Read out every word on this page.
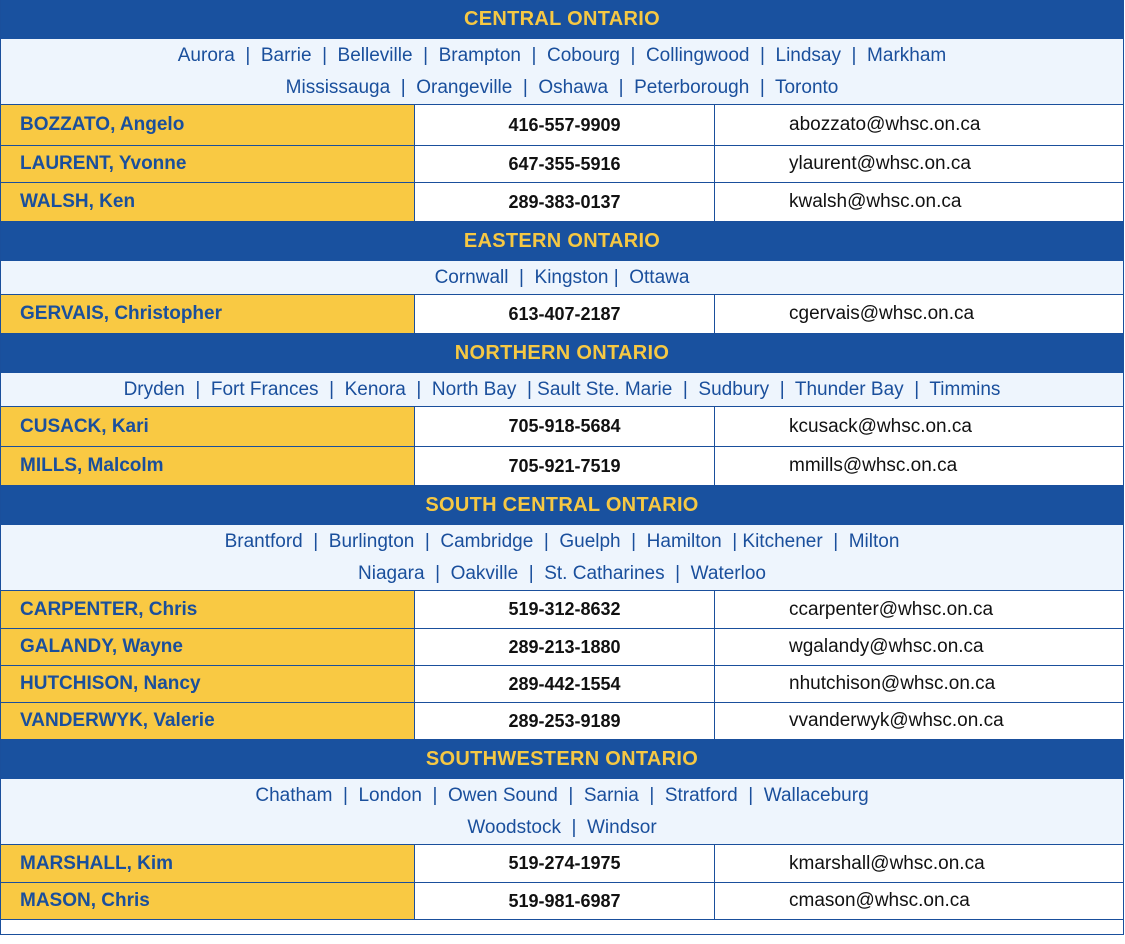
CENTRAL ONTARIO
Aurora  |  Barrie  |  Belleville  |  Brampton  |  Cobourg  |  Collingwood  |  Lindsay  |  Markham
Mississauga  |  Orangeville  |  Oshawa  |  Peterborough  |  Toronto
BOZZATO, Angelo	416-557-9909	abozzato@whsc.on.ca
LAURENT, Yvonne	647-355-5916	ylaurent@whsc.on.ca
WALSH, Ken	289-383-0137	kwalsh@whsc.on.ca
EASTERN ONTARIO
Cornwall  |  Kingston |  Ottawa
GERVAIS, Christopher	613-407-2187	cgervais@whsc.on.ca
NORTHERN ONTARIO
Dryden  |  Fort Frances  |  Kenora  |  North Bay  | Sault Ste. Marie  |  Sudbury  |  Thunder Bay  |  Timmins
CUSACK, Kari	705-918-5684	kcusack@whsc.on.ca
MILLS, Malcolm	705-921-7519	mmills@whsc.on.ca
SOUTH CENTRAL ONTARIO
Brantford  |  Burlington  |  Cambridge  |  Guelph  |  Hamilton  | Kitchener  |  Milton
Niagara  |  Oakville  |  St. Catharines  |  Waterloo
CARPENTER, Chris	519-312-8632	ccarpenter@whsc.on.ca
GALANDY, Wayne	289-213-1880	wgalandy@whsc.on.ca
HUTCHISON, Nancy	289-442-1554	nhutchison@whsc.on.ca
VANDERWYK, Valerie	289-253-9189	vvanderwyk@whsc.on.ca
SOUTHWESTERN ONTARIO
Chatham  |  London  |  Owen Sound  |  Sarnia  |  Stratford  |  Wallaceburg
Woodstock  |  Windsor
MARSHALL, Kim	519-274-1975	kmarshall@whsc.on.ca
MASON, Chris	519-981-6987	cmason@whsc.on.ca
